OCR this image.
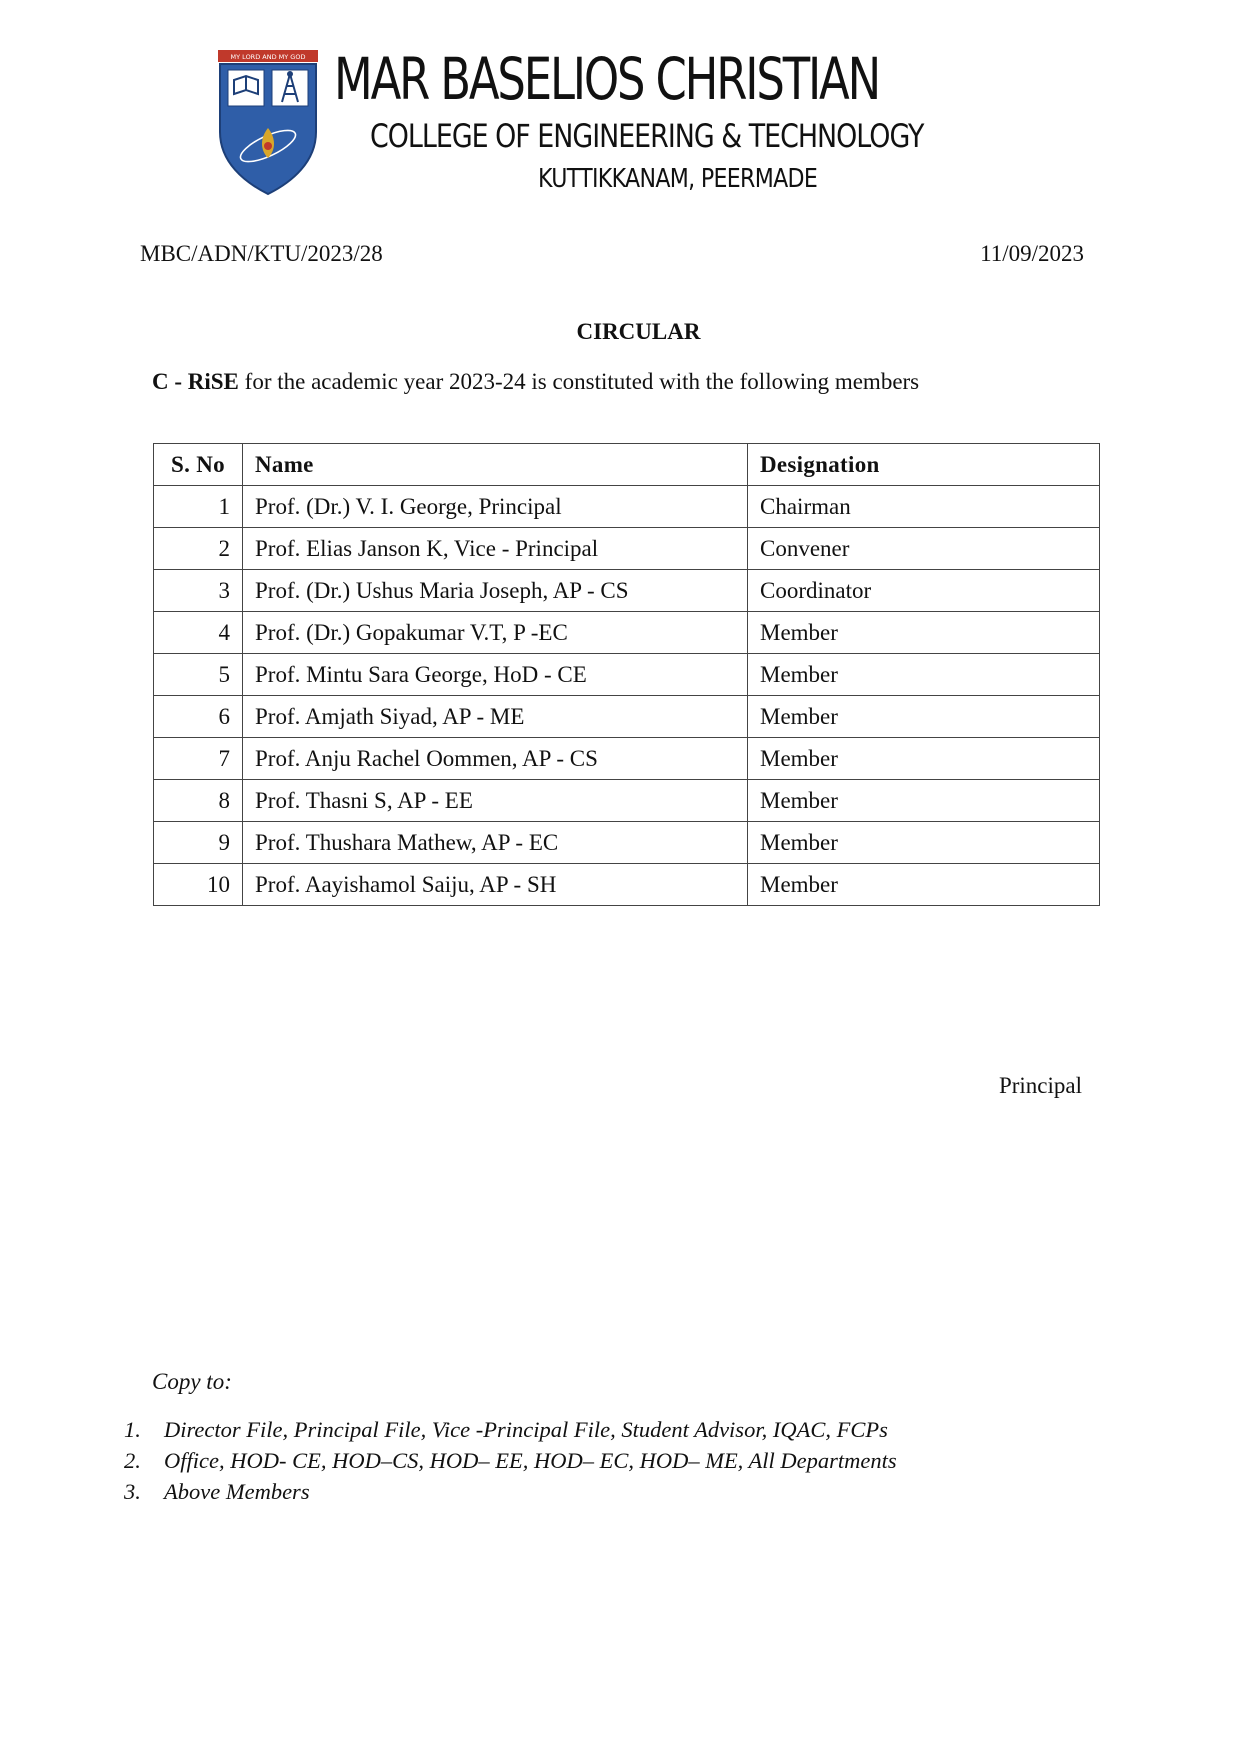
MY LORD AND MY GOD MAR BASELIOS CHRISTIAN
COLLEGE OF ENGINEERING & TECHNOLOGY
KUTTIKKANAM, PEERMADE
MBC/ADN/KTU/2023/28	11/09/2023
CIRCULAR
C - RiSE for the academic year 2023-24 is constituted with the following members
S. No	Name	Designation
1	Prof. (Dr.) V. I. George, Principal	Chairman
2	Prof. Elias Janson K, Vice - Principal	Convener
3	Prof. (Dr.) Ushus Maria Joseph, AP - CS	Coordinator
4	Prof. (Dr.) Gopakumar V.T, P -EC	Member
5	Prof. Mintu Sara George, HoD - CE	Member
6	Prof. Amjath Siyad, AP - ME	Member
7	Prof. Anju Rachel Oommen, AP - CS	Member
8	Prof. Thasni S, AP - EE	Member
9	Prof. Thushara Mathew, AP - EC	Member
10	Prof. Aayishamol Saiju, AP - SH	Member
Principal
Copy to:
1. Director File, Principal File, Vice -Principal File, Student Advisor, IQAC, FCPs
2. Office, HOD- CE, HOD–CS, HOD– EE, HOD– EC, HOD– ME, All Departments
3. Above Members
